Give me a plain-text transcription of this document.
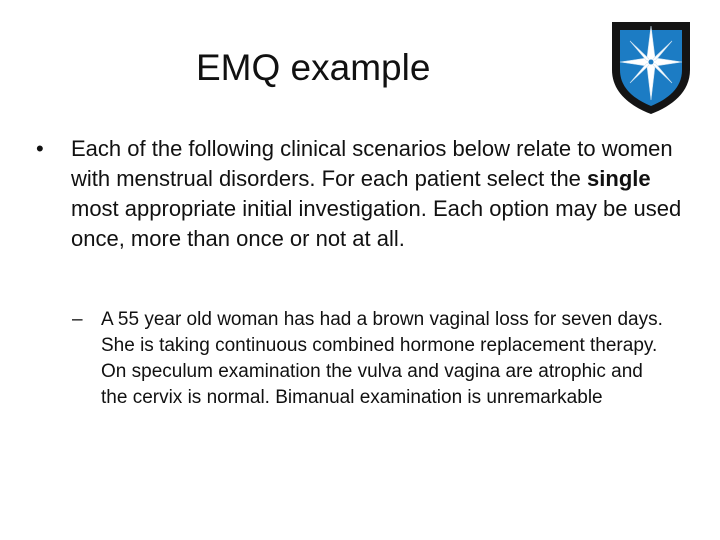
EMQ example
• Each of the following clinical scenarios below relate to women with menstrual disorders. For each patient select the single most appropriate initial investigation. Each option may be used once, more than once or not at all.
– A 55 year old woman has had a brown vaginal loss for seven days. She is taking continuous combined hormone replacement therapy. On speculum examination the vulva and vagina are atrophic and the cervix is normal. Bimanual examination is unremarkable
